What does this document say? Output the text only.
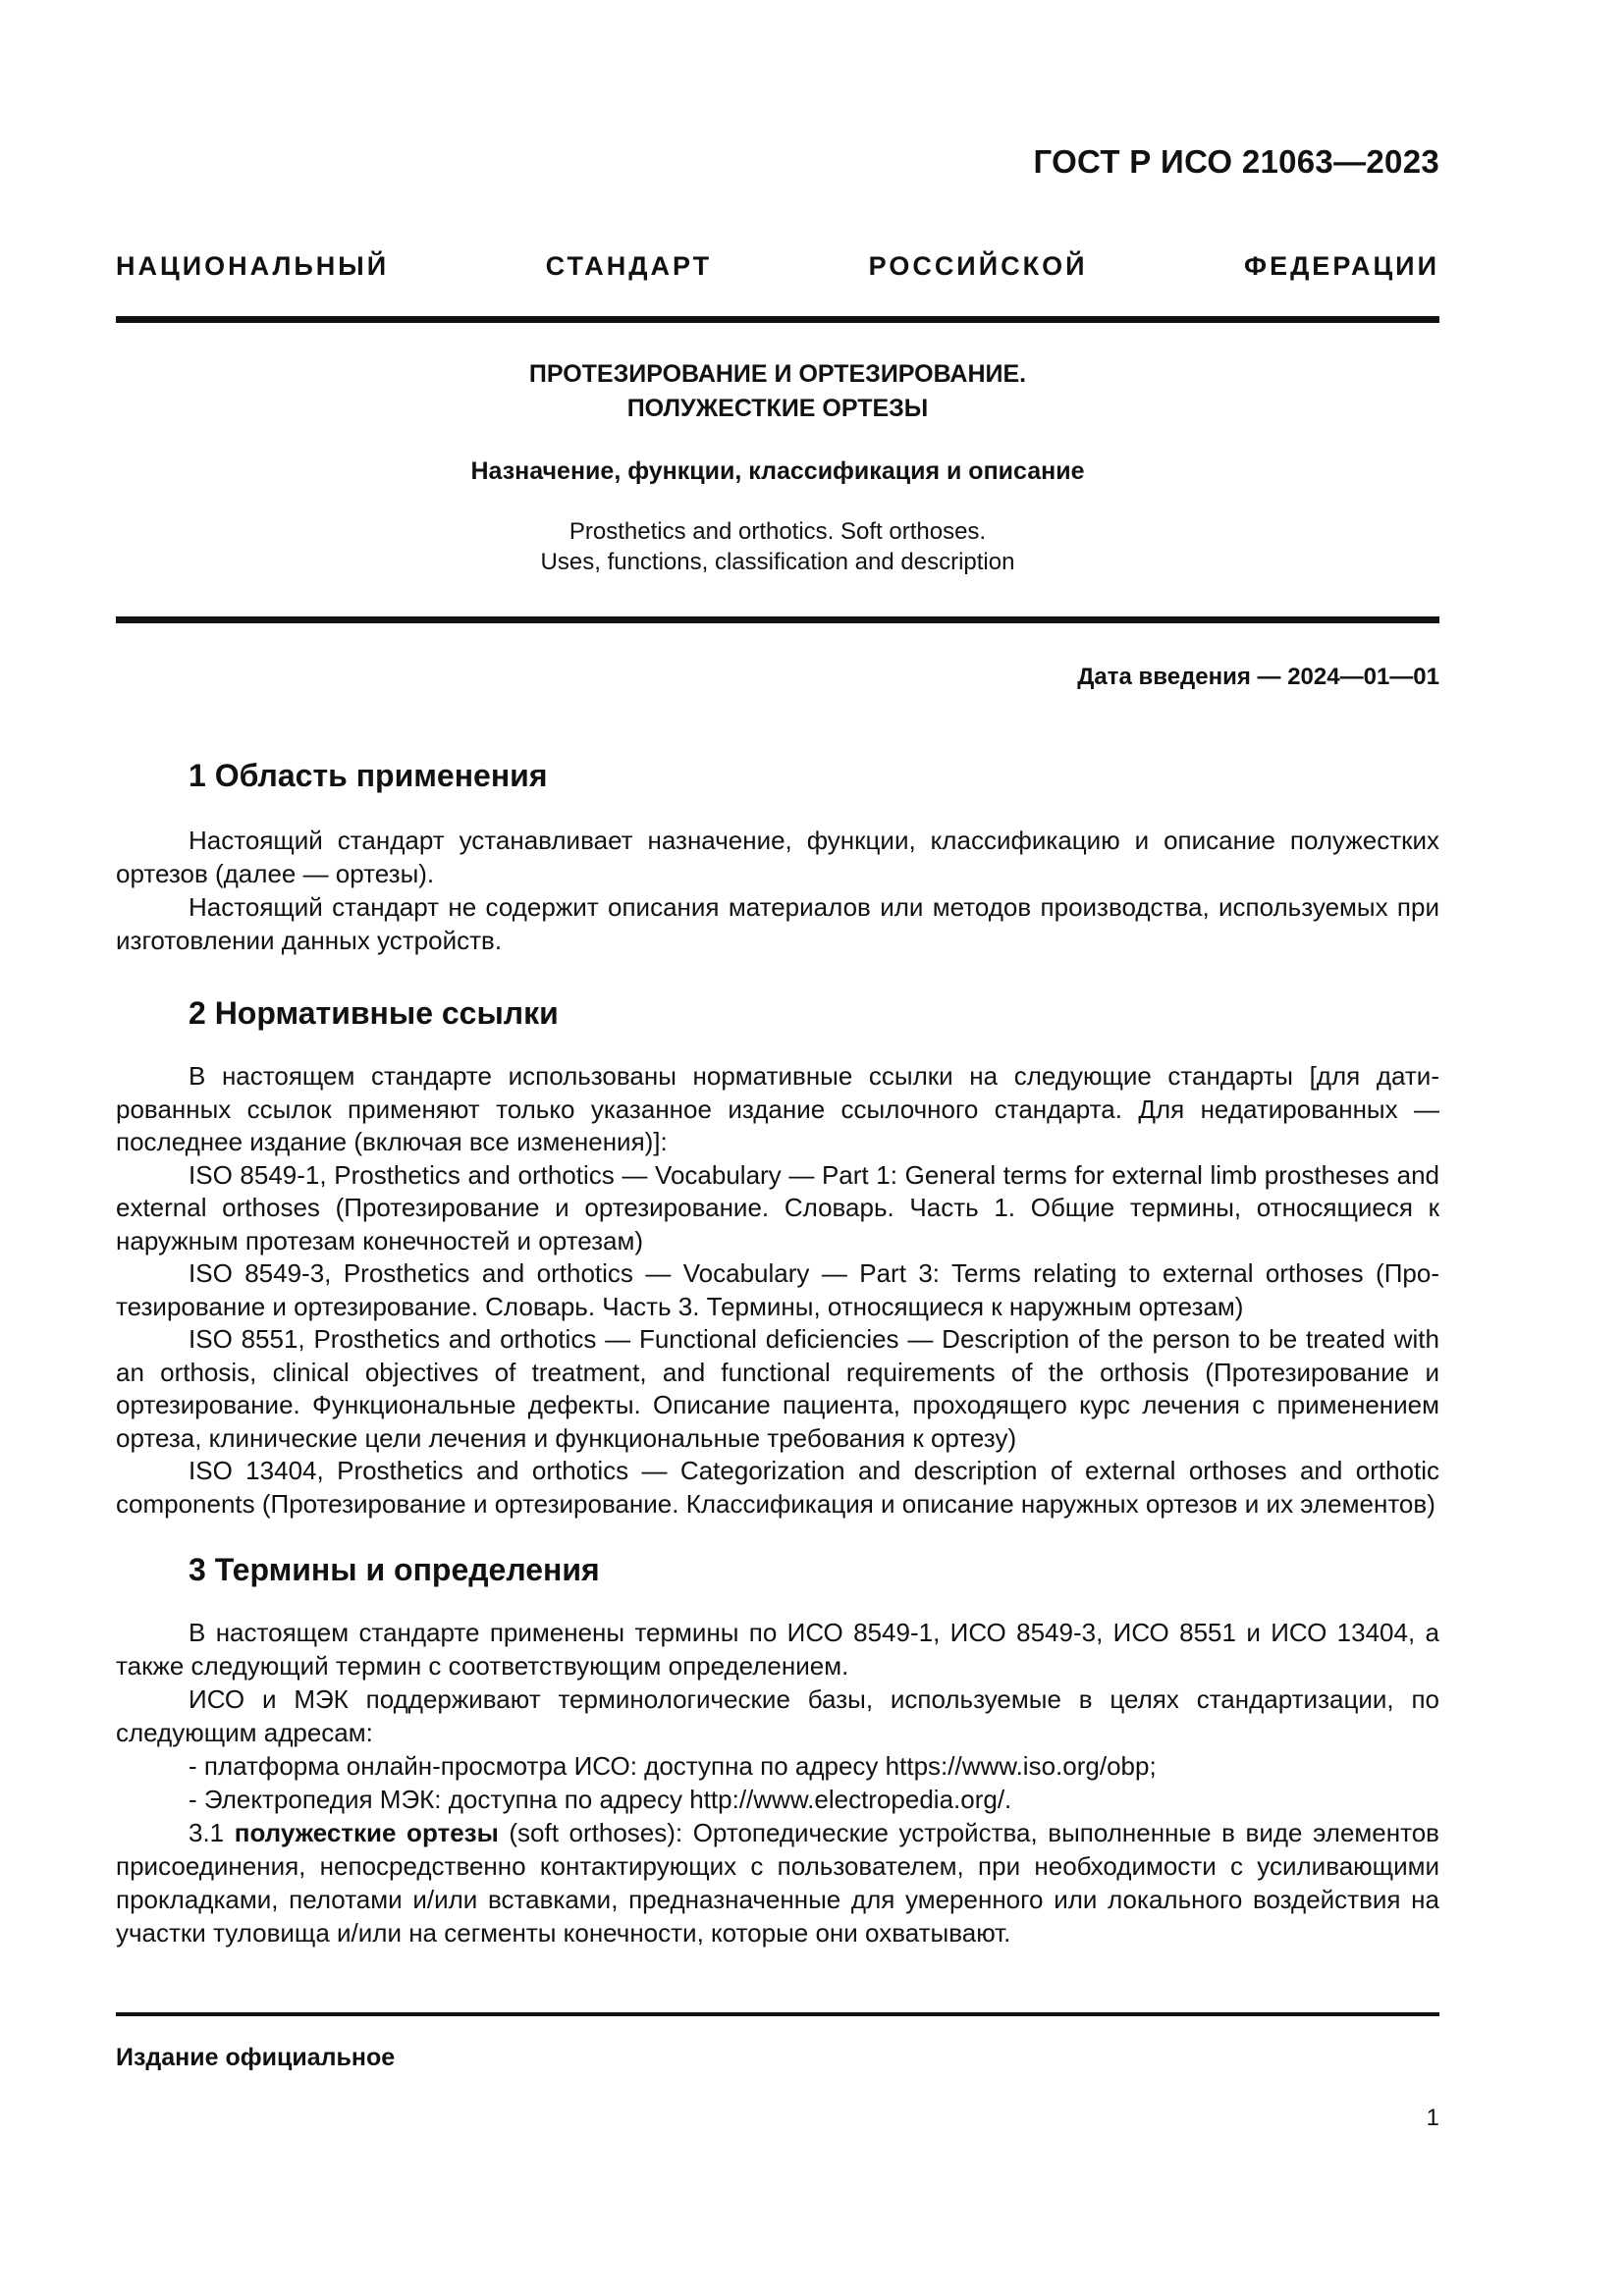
ГОСТ Р ИСО 21063—2023
НАЦИОНАЛЬНЫЙ СТАНДАРТ РОССИЙСКОЙ ФЕДЕРАЦИИ
ПРОТЕЗИРОВАНИЕ И ОРТЕЗИРОВАНИЕ.
ПОЛУЖЕСТКИЕ ОРТЕЗЫ
Назначение, функции, классификация и описание
Prosthetics and orthotics. Soft orthoses.
Uses, functions, classification and description
Дата введения — 2024—01—01
1 Область применения

Настоящий стандарт устанавливает назначение, функции, классификацию и описание полужестких ортезов (далее — ортезы).

Настоящий стандарт не содержит описания материалов или методов производства, используемых при изготовлении данных устройств.

2 Нормативные ссылки

В настоящем стандарте использованы нормативные ссылки на следующие стандарты [для датированных ссылок применяют только указанное издание ссылочного стандарта. Для недатированных — последнее издание (включая все изменения)]:

ISO 8549-1, Prosthetics and orthotics — Vocabulary — Part 1: General terms for external limb prostheses and external orthoses (Протезирование и ортезирование. Словарь. Часть 1. Общие термины, относящиеся к наружным протезам конечностей и ортезам)

ISO 8549-3, Prosthetics and orthotics — Vocabulary — Part 3: Terms relating to external orthoses (Протезирование и ортезирование. Словарь. Часть 3. Термины, относящиеся к наружным ортезам)

ISO 8551, Prosthetics and orthotics — Functional deficiencies — Description of the person to be treated with an orthosis, clinical objectives of treatment, and functional requirements of the orthosis (Протезирование и ортезирование. Функциональные дефекты. Описание пациента, проходящего курс лечения с применением ортеза, клинические цели лечения и функциональные требования к ортезу)

ISO 13404, Prosthetics and orthotics — Categorization and description of external orthoses and orthotic components (Протезирование и ортезирование. Классификация и описание наружных ортезов и их элементов)

3 Термины и определения

В настоящем стандарте применены термины по ИСО 8549-1, ИСО 8549-3, ИСО 8551 и ИСО 13404, а также следующий термин с соответствующим определением.

ИСО и МЭК поддерживают терминологические базы, используемые в целях стандартизации, по следующим адресам:

- платформа онлайн-просмотра ИСО: доступна по адресу https://www.iso.org/obp;
- Электропедия МЭК: доступна по адресу http://www.electropedia.org/.

3.1 полужесткие ортезы (soft orthoses): Ортопедические устройства, выполненные в виде элементов присоединения, непосредственно контактирующих с пользователем, при необходимости с усиливающими прокладками, пелотами и/или вставками, предназначенные для умеренного или локального воздействия на участки туловища и/или на сегменты конечности, которые они охватывают.

Издание официальное
1
